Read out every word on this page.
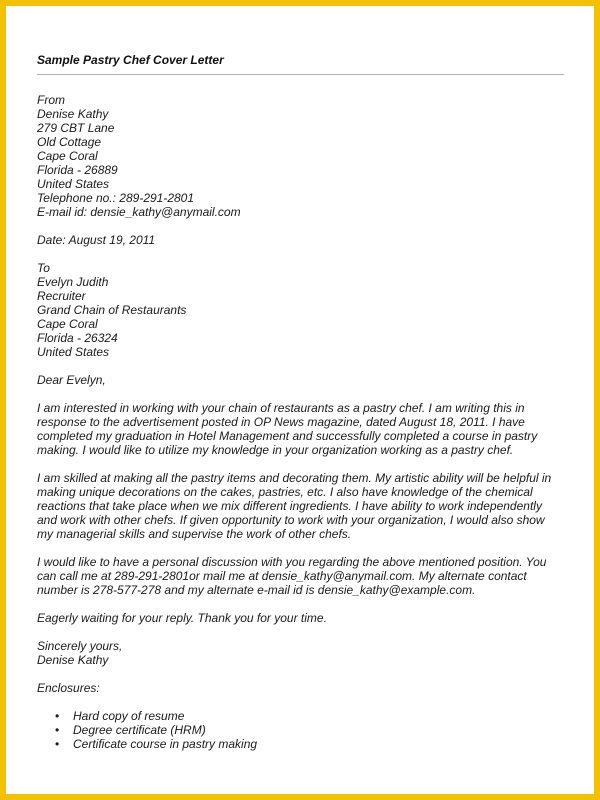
Sample Pastry Chef Cover Letter
From
Denise Kathy
279 CBT Lane
Old Cottage
Cape Coral
Florida - 26889
United States
Telephone no.: 289-291-2801
E-mail id: densie_kathy@anymail.com
Date: August 19, 2011
To
Evelyn Judith
Recruiter
Grand Chain of Restaurants
Cape Coral
Florida - 26324
United States
Dear Evelyn,
I am interested in working with your chain of restaurants as a pastry chef. I am writing this in
response to the advertisement posted in OP News magazine, dated August 18, 2011. I have
completed my graduation in Hotel Management and successfully completed a course in pastry
making. I would like to utilize my knowledge in your organization working as a pastry chef.
I am skilled at making all the pastry items and decorating them. My artistic ability will be helpful in
making unique decorations on the cakes, pastries, etc. I also have knowledge of the chemical
reactions that take place when we mix different ingredients. I have ability to work independently
and work with other chefs. If given opportunity to work with your organization, I would also show
my managerial skills and supervise the work of other chefs.
I would like to have a personal discussion with you regarding the above mentioned position. You
can call me at 289-291-2801or mail me at densie_kathy@anymail.com. My alternate contact
number is 278-577-278 and my alternate e-mail id is densie_kathy@example.com.
Eagerly waiting for your reply. Thank you for your time.
Sincerely yours,
Denise Kathy
Enclosures:
• Hard copy of resume
• Degree certificate (HRM)
• Certificate course in pastry making
